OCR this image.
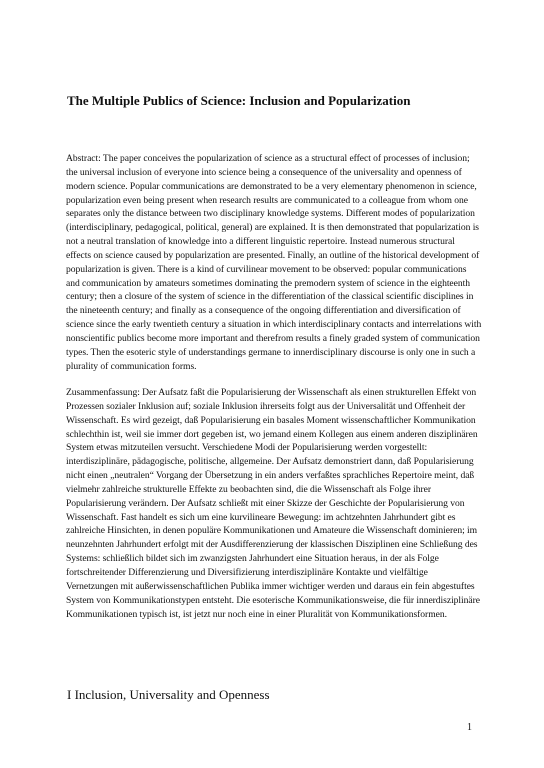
The Multiple Publics of Science: Inclusion and Popularization

Abstract: The paper conceives the popularization of science as a structural effect of processes of inclusion; the universal inclusion of everyone into science being a consequence of the universality and openness of modern science. Popular communications are demonstrated to be a very elementary phenomenon in science, popularization even being present when research results are communicated to a colleague from whom one separates only the distance between two disciplinary knowledge systems. Different modes of popularization (interdisciplinary, pedagogical, political, general) are explained. It is then demonstrated that popularization is not a neutral translation of knowledge into a different linguistic repertoire. Instead numerous structural effects on science caused by popularization are presented. Finally, an outline of the historical development of popularization is given. There is a kind of curvilinear movement to be observed: popular communications and communication by amateurs sometimes dominating the premodern system of science in the eighteenth century; then a closure of the system of science in the differentiation of the classical scientific disciplines in the nineteenth century; and finally as a consequence of the ongoing differentiation and diversification of science since the early twentieth century a situation in which interdisciplinary contacts and interrelations with nonscientific publics become more important and therefrom results a finely graded system of communication types. Then the esoteric style of understandings germane to innerdisciplinary discourse is only one in such a plurality of communication forms.

Zusammenfassung: Der Aufsatz faßt die Popularisierung der Wissenschaft als einen strukturellen Effekt von Prozessen sozialer Inklusion auf; soziale Inklusion ihrerseits folgt aus der Universalität und Offenheit der Wissenschaft. Es wird gezeigt, daß Popularisierung ein basales Moment wissenschaftlicher Kommunikation schlechthin ist, weil sie immer dort gegeben ist, wo jemand einem Kollegen aus einem anderen disziplinären System etwas mitzuteilen versucht. Verschiedene Modi der Popularisierung werden vorgestellt: interdisziplinäre, pädagogische, politische, allgemeine. Der Aufsatz demonstriert dann, daß Popularisierung nicht einen „neutralen“ Vorgang der Übersetzung in ein anders verfaßtes sprachliches Repertoire meint, daß vielmehr zahlreiche strukturelle Effekte zu beobachten sind, die die Wissenschaft als Folge ihrer Popularisierung verändern. Der Aufsatz schließt mit einer Skizze der Geschichte der Popularisierung von Wissenschaft. Fast handelt es sich um eine kurvilineare Bewegung: im achtzehnten Jahrhundert gibt es zahlreiche Hinsichten, in denen populäre Kommunikationen und Amateure die Wissenschaft dominieren; im neunzehnten Jahrhundert erfolgt mit der Ausdifferenzierung der klassischen Disziplinen eine Schließung des Systems: schließlich bildet sich im zwanzigsten Jahrhundert eine Situation heraus, in der als Folge fortschreitender Differenzierung und Diversifizierung interdisziplinäre Kontakte und vielfältige Vernetzungen mit außerwissenschaftlichen Publika immer wichtiger werden und daraus ein fein abgestuftes System von Kommunikationstypen entsteht. Die esoterische Kommunikationsweise, die für innerdisziplinäre Kommunikationen typisch ist, ist jetzt nur noch eine in einer Pluralität von Kommunikationsformen.

I Inclusion, Universality and Openness
1
